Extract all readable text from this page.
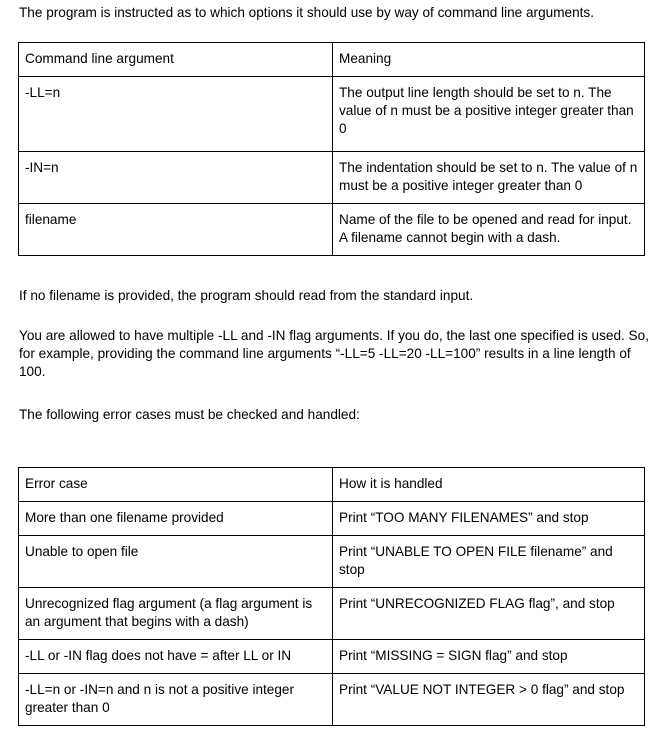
The program is instructed as to which options it should use by way of command line arguments.

Command line argument	Meaning
-LL=n	The output line length should be set to n. The value of n must be a positive integer greater than 0
-IN=n	The indentation should be set to n. The value of n must be a positive integer greater than 0
filename	Name of the file to be opened and read for input. A filename cannot begin with a dash.

If no filename is provided, the program should read from the standard input.

You are allowed to have multiple -LL and -IN flag arguments. If you do, the last one specified is used. So, for example, providing the command line arguments “-LL=5 -LL=20 -LL=100” results in a line length of 100.

The following error cases must be checked and handled:

Error case	How it is handled
More than one filename provided	Print “TOO MANY FILENAMES” and stop
Unable to open file	Print “UNABLE TO OPEN FILE filename” and stop
Unrecognized flag argument (a flag argument is an argument that begins with a dash)	Print “UNRECOGNIZED FLAG flag”, and stop
-LL or -IN flag does not have = after LL or IN	Print “MISSING = SIGN flag” and stop
-LL=n or -IN=n and n is not a positive integer greater than 0	Print “VALUE NOT INTEGER > 0 flag” and stop
